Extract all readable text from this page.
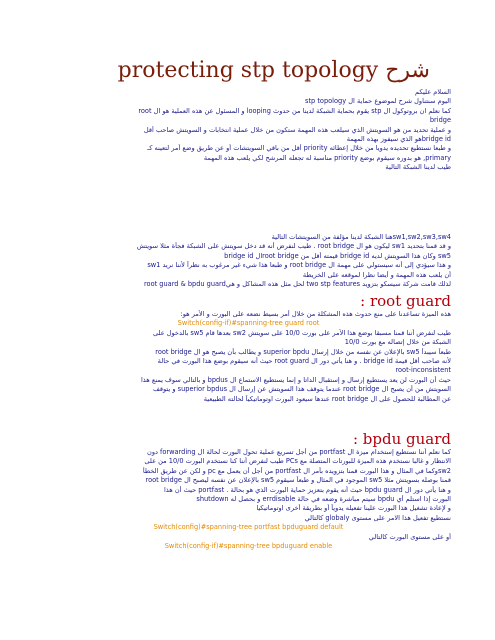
شرح protecting stp topology
السلام عليكم
اليوم سنتناول شرح لموضوع حماية ال stp topology
كما نعلم ان بروتوكول ال stp يقوم بحماية الشبكة لدينا من حدوث looping و المسئول عن هذه العملية هو ال root
bridge
و عملية تحديد من هو السويتش الذي سيلعب هذه المهمة ستكون من خلال عملية انتخابات و السويتش صاحب أقل
bridge idهو الذي سيفوز بهذه المهمة
و طبعا نستطيع تحديده يدويا من خلال إعطائه priority أقل من باقي السويتشات أو عن طريق وضع أمر لتعينه كـ
primary, هو بدوره سيقوم بوضع priority مناسبة له تجعله المرشح لكي يلعب هذه المهمة
طيب لدينا الشبكة التالية
sw1,sw2,sw3,sw4هنا الشبكة لدينا مؤلفة من السويتشات التالية
و قد قمنا بتحديد sw1 ليكون هو ال root bridge . طيب لنفرض أنه قد دخل سويتش على الشبكة فجأة مثلا سويتش
sw5 وكان هذا السويتش لديه bridge id قيمته أقل من root bridgeال bridge id
و هذا سيؤدي إلى أنه سيستولي على مهمة ال root bridge و طبعا هذا شيء غير مرغوب به نظراً لأننا نريد sw1
أن يلعب هذه المهمة و أيضا نظرا لموقعه على الخريطة
لذلك قامت شركة سيسكو بتزويد two stp features لحل مثل هذه المشاكل و هيroot guard & bpdu guard
root guard :
هذه الميزة تساعدنا على منع حدوث هذه المشكلة من خلال أمر بسيط نضعه على البورت و الأمر هو:
Switch(config-if)#spanning-tree guard root
طيب لنفرض أننا قمنا مسبقا بوضع هذا الأمر على بورت 10/0 على سويتش sw2 بعدها قام sw5 بالدخول على
الشبكة من خلال إتصاله مع بورت 10/0
طبعاً سيبدأ sw5 بالإعلان عن نفسه من خلال إرسال superior bpdu و يطالب بأن يصبح هو ال root bridge
لأنه صاحب أقل قيمة bridge id . و هنا يأتي دور ال root guard حيث أنه سيقوم بوضع هذا البورت في حالة
root-inconsistent
حيث أن البورت لن يعد يستطيع إرسال و إستقبال الداتا و إنما يستطيع الاستماع ال bpdus و بالتالي سوف يمنع هذا
السويتش من أن يصبح ال root bridge عندما يتوقف هذا السويتش عن إرسال ال superior bpdus و يتوقف
عن المطالبة للحصول على ال root bridge عندها سيعود البورت اوتوماتيكياً لحالته الطبيعية
bpdu guard :
كما نعلم أننا نستطيع إستخدام ميزة ال portfast من أجل تسريع عملية تحول البورت لحالة ال forwarding دون
الانتظار و غالبا نستخدم هذه الميزة للبورتات المتصلة مع PCs طيب لنفرض أننا كنا نستخدم البورت 10/0 من على
sw2وكما في المثال و هذا البورت قمنا بتزويده بأمر ال portfast من أجل أن يعمل مع pc و لكن عن طريق الخطأ
قمنا بوصله بسويتش مثلا sw5 الموجود في المثال و طبعاً سيقوم sw5 بالإعلان عن نفسه ليصبح ال root bridge
و هنا يأتي دور ال bpdu guard حيث أنه يقوم بتعزيز حماية البورت الذي هو بحالة . portfast حيث أن هذا
البورت إذا استلم أي bpdu سيتم مباشرة وضعه في حالة errdisable و بحصل له shutdown
و لإعادة تشغيل هذا البورت علينا تفعيله يدوياً أو بطريقة أخرى اوتوماتيكيا
نستطيع تفعيل هذا الامر على مستوى globaly كالتالي
Switch(config)#spanning-tree portfast bpduguard default
أو على مستوى البورت كالتالي
Switch(config-if)#spanning-tree bpduguard enable
